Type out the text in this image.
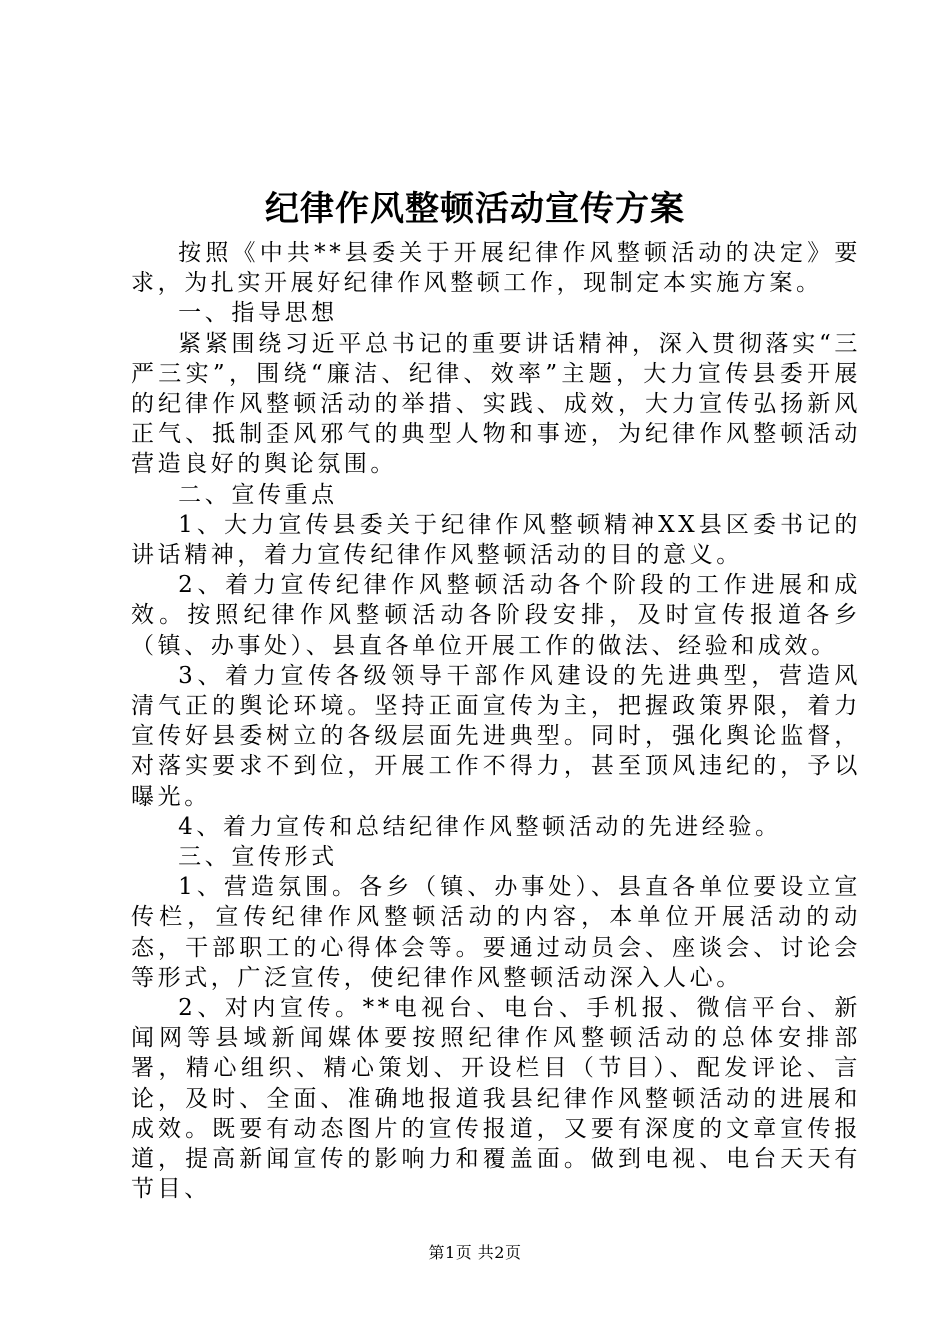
纪律作风整顿活动宣传方案

按照《中共**县委关于开展纪律作风整顿活动的决定》要求，为扎实开展好纪律作风整顿工作，现制定本实施方案。

一、指导思想

紧紧围绕习近平总书记的重要讲话精神，深入贯彻落实“三严三实”，围绕“廉洁、纪律、效率”主题，大力宣传县委开展的纪律作风整顿活动的举措、实践、成效，大力宣传弘扬新风正气、抵制歪风邪气的典型人物和事迹，为纪律作风整顿活动营造良好的舆论氛围。

二、宣传重点

1、大力宣传县委关于纪律作风整顿精神XX县区委书记的讲话精神，着力宣传纪律作风整顿活动的目的意义。

2、着力宣传纪律作风整顿活动各个阶段的工作进展和成效。按照纪律作风整顿活动各阶段安排，及时宣传报道各乡（镇、办事处）、县直各单位开展工作的做法、经验和成效。

3、着力宣传各级领导干部作风建设的先进典型，营造风清气正的舆论环境。坚持正面宣传为主，把握政策界限，着力宣传好县委树立的各级层面先进典型。同时，强化舆论监督，对落实要求不到位，开展工作不得力，甚至顶风违纪的，予以曝光。

4、着力宣传和总结纪律作风整顿活动的先进经验。

三、宣传形式

1、营造氛围。各乡（镇、办事处）、县直各单位要设立宣传栏，宣传纪律作风整顿活动的内容，本单位开展活动的动态，干部职工的心得体会等。要通过动员会、座谈会、讨论会等形式，广泛宣传，使纪律作风整顿活动深入人心。

2、对内宣传。**电视台、电台、手机报、微信平台、新闻网等县域新闻媒体要按照纪律作风整顿活动的总体安排部署，精心组织、精心策划、开设栏目（节目）、配发评论、言论，及时、全面、准确地报道我县纪律作风整顿活动的进展和成效。既要有动态图片的宣传报道，又要有深度的文章宣传报道，提高新闻宣传的影响力和覆盖面。做到电视、电台天天有节目、

第1页 共2页
